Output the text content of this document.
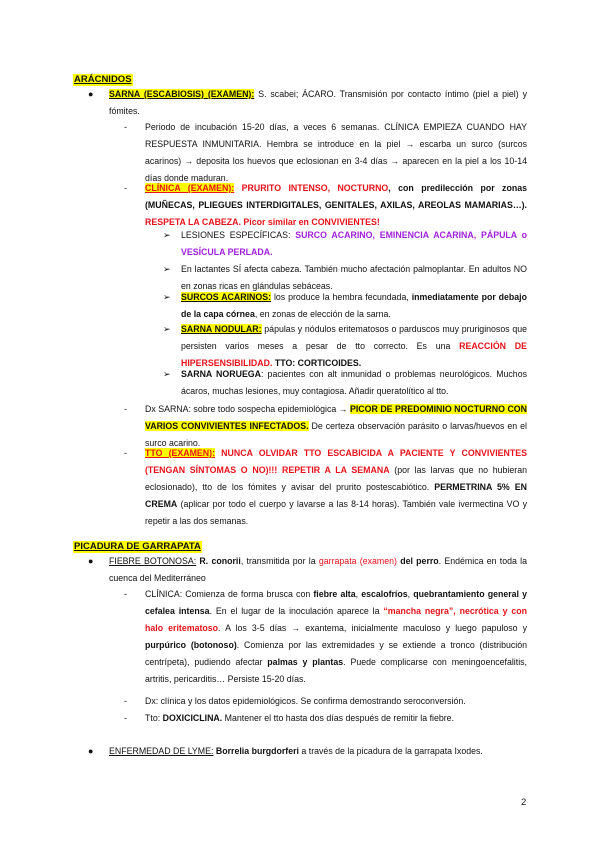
ARÁCNIDOS
● SARNA (ESCABIOSIS) (EXAMEN): S. scabei; ÁCARO. Transmisión por contacto íntimo (piel a piel) y fómites.
- Periodo de incubación 15-20 días, a veces 6 semanas. CLÍNICA EMPIEZA CUANDO HAY RESPUESTA INMUNITARIA. Hembra se introduce en la piel → escarba un surco (surcos acarinos) → deposita los huevos que eclosionan en 3-4 días → aparecen en la piel a los 10-14 días donde maduran.
- CLÍNICA (EXAMEN): PRURITO INTENSO, NOCTURNO, con predilección por zonas (MUÑECAS, PLIEGUES INTERDIGITALES, GENITALES, AXILAS, AREOLAS MAMARIAS…). RESPETA LA CABEZA. Picor similar en CONVIVIENTES!
➢ LESIONES ESPECÍFICAS: SURCO ACARINO, EMINENCIA ACARINA, PÁPULA o VESÍCULA PERLADA.
➢ En lactantes SÍ afecta cabeza. También mucho afectación palmoplantar. En adultos NO en zonas ricas en glándulas sebáceas.
➢ SURCOS ACARINOS: los produce la hembra fecundada, inmediatamente por debajo de la capa córnea, en zonas de elección de la sarna.
➢ SARNA NODULAR: pápulas y nódulos eritematosos o parduscos muy pruriginosos que persisten varios meses a pesar de tto correcto. Es una REACCIÓN DE HIPERSENSIBILIDAD. TTO: CORTICOIDES.
➢ SARNA NORUEGA: pacientes con alt inmunidad o problemas neurológicos. Muchos ácaros, muchas lesiones, muy contagiosa. Añadir queratolítico al tto.
- Dx SARNA: sobre todo sospecha epidemiológica → PICOR DE PREDOMINIO NOCTURNO CON VARIOS CONVIVIENTES INFECTADOS. De certeza observación parásito o larvas/huevos en el surco acarino.
- TTO (EXAMEN): NUNCA OLVIDAR TTO ESCABICIDA A PACIENTE Y CONVIVIENTES (TENGAN SÍNTOMAS O NO)!!! REPETIR A LA SEMANA (por las larvas que no hubieran eclosionado), tto de los fómites y avisar del prurito postescabiótico. PERMETRINA 5% EN CREMA (aplicar por todo el cuerpo y lavarse a las 8-14 horas). También vale ivermectina VO y repetir a las dos semanas.
PICADURA DE GARRAPATA
● FIEBRE BOTONOSA: R. conorii, transmitida por la garrapata (examen) del perro. Endémica en toda la cuenca del Mediterráneo
- CLÍNICA: Comienza de forma brusca con fiebre alta, escalofríos, quebrantamiento general y cefalea intensa. En el lugar de la inoculación aparece la “mancha negra”, necrótica y con halo eritematoso. A los 3-5 días → exantema, inicialmente maculoso y luego papuloso y purpúrico (botonoso). Comienza por las extremidades y se extiende a tronco (distribución centrípeta), pudiendo afectar palmas y plantas. Puede complicarse con meningoencefalitis, artritis, pericarditis… Persiste 15-20 días.
- Dx: clínica y los datos epidemiológicos. Se confirma demostrando seroconversión.
- Tto: DOXICICLINA. Mantener el tto hasta dos días después de remitir la fiebre.
● ENFERMEDAD DE LYME: Borrelia burgdorferi a través de la picadura de la garrapata Ixodes.
2
